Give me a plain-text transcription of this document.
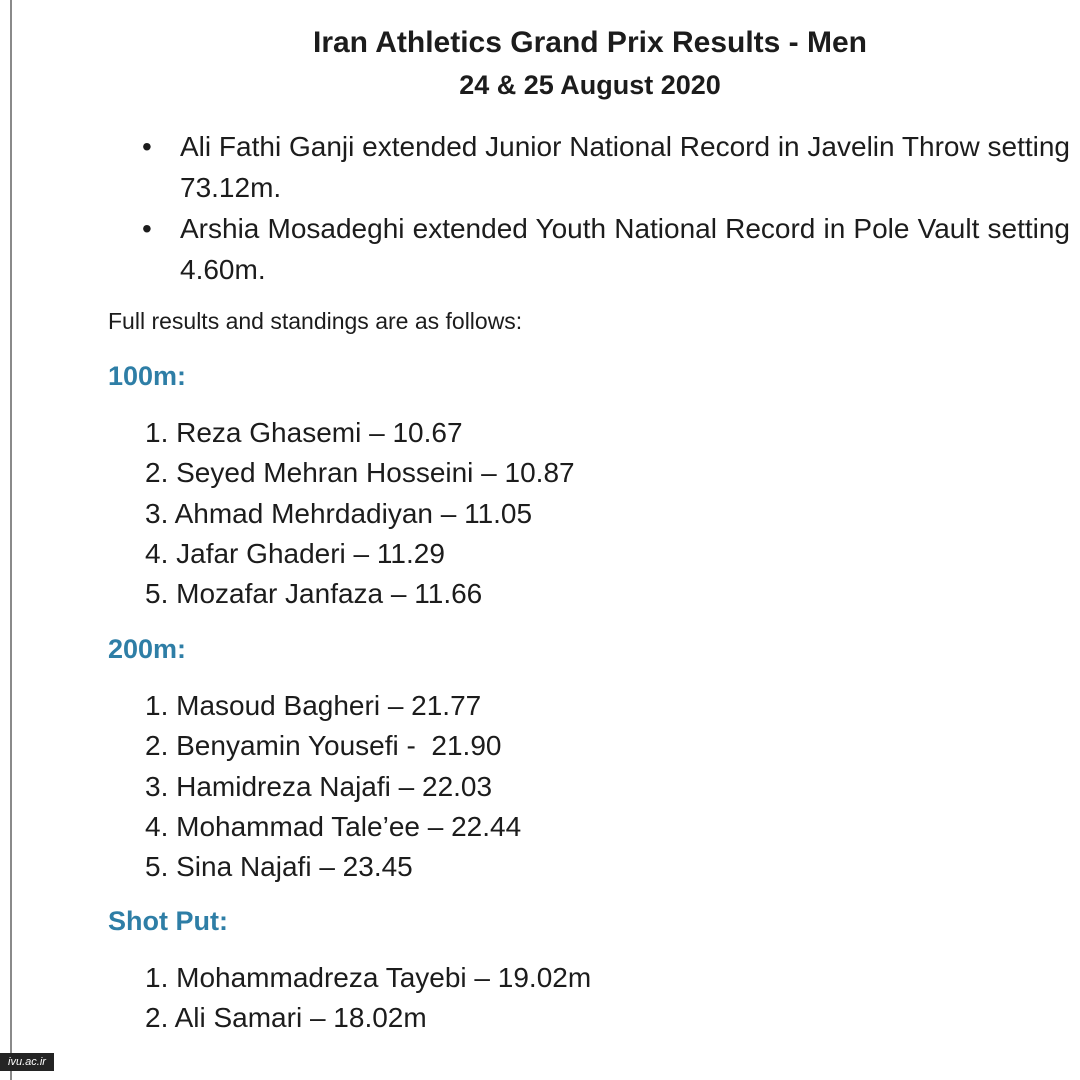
Iran Athletics Grand Prix Results - Men
24 & 25 August 2020
• Ali Fathi Ganji extended Junior National Record in Javelin Throw setting 73.12m.
• Arshia Mosadeghi extended Youth National Record in Pole Vault setting 4.60m.
Full results and standings are as follows:
100m:
1. Reza Ghasemi – 10.67
2. Seyed Mehran Hosseini – 10.87
3. Ahmad Mehrdadiyan – 11.05
4. Jafar Ghaderi – 11.29
5. Mozafar Janfaza – 11.66
200m:
1. Masoud Bagheri – 21.77
2. Benyamin Yousefi -  21.90
3. Hamidreza Najafi – 22.03
4. Mohammad Tale’ee – 22.44
5. Sina Najafi – 23.45
Shot Put:
1. Mohammadreza Tayebi – 19.02m
2. Ali Samari – 18.02m
ivu.ac.ir
